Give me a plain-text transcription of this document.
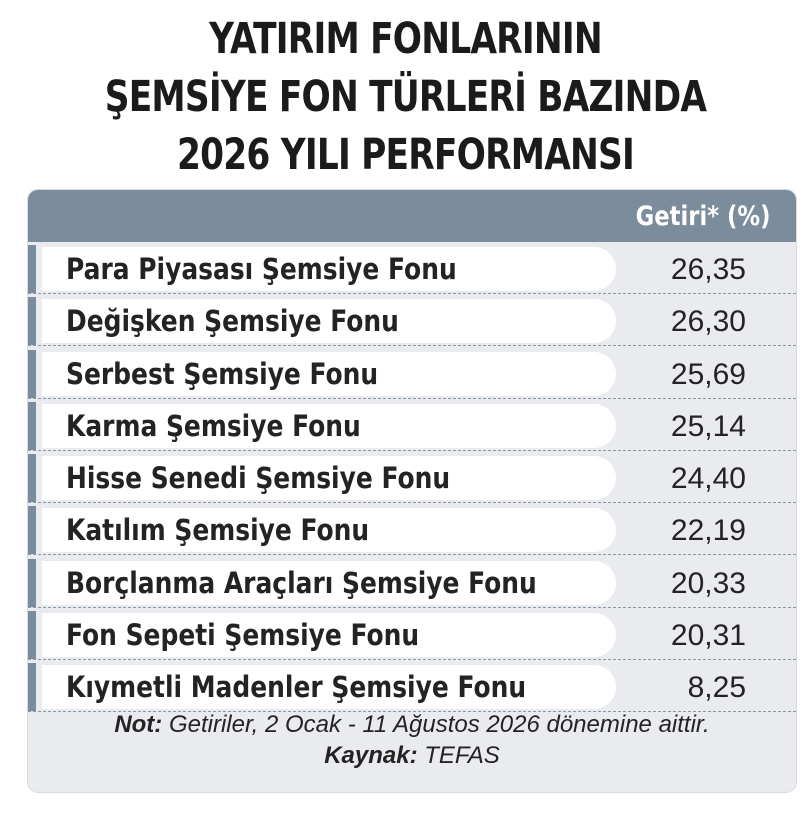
YATIRIM FONLARININ
ŞEMSİYE FON TÜRLERİ BAZINDA
2026 YILI PERFORMANSI
Getiri* (%)
Para Piyasası Şemsiye Fonu	26,35
Değişken Şemsiye Fonu	26,30
Serbest Şemsiye Fonu	25,69
Karma Şemsiye Fonu	25,14
Hisse Senedi Şemsiye Fonu	24,40
Katılım Şemsiye Fonu	22,19
Borçlanma Araçları Şemsiye Fonu	20,33
Fon Sepeti Şemsiye Fonu	20,31
Kıymetli Madenler Şemsiye Fonu	8,25
Not: Getiriler, 2 Ocak - 11 Ağustos 2026 dönemine aittir.
Kaynak: TEFAS
